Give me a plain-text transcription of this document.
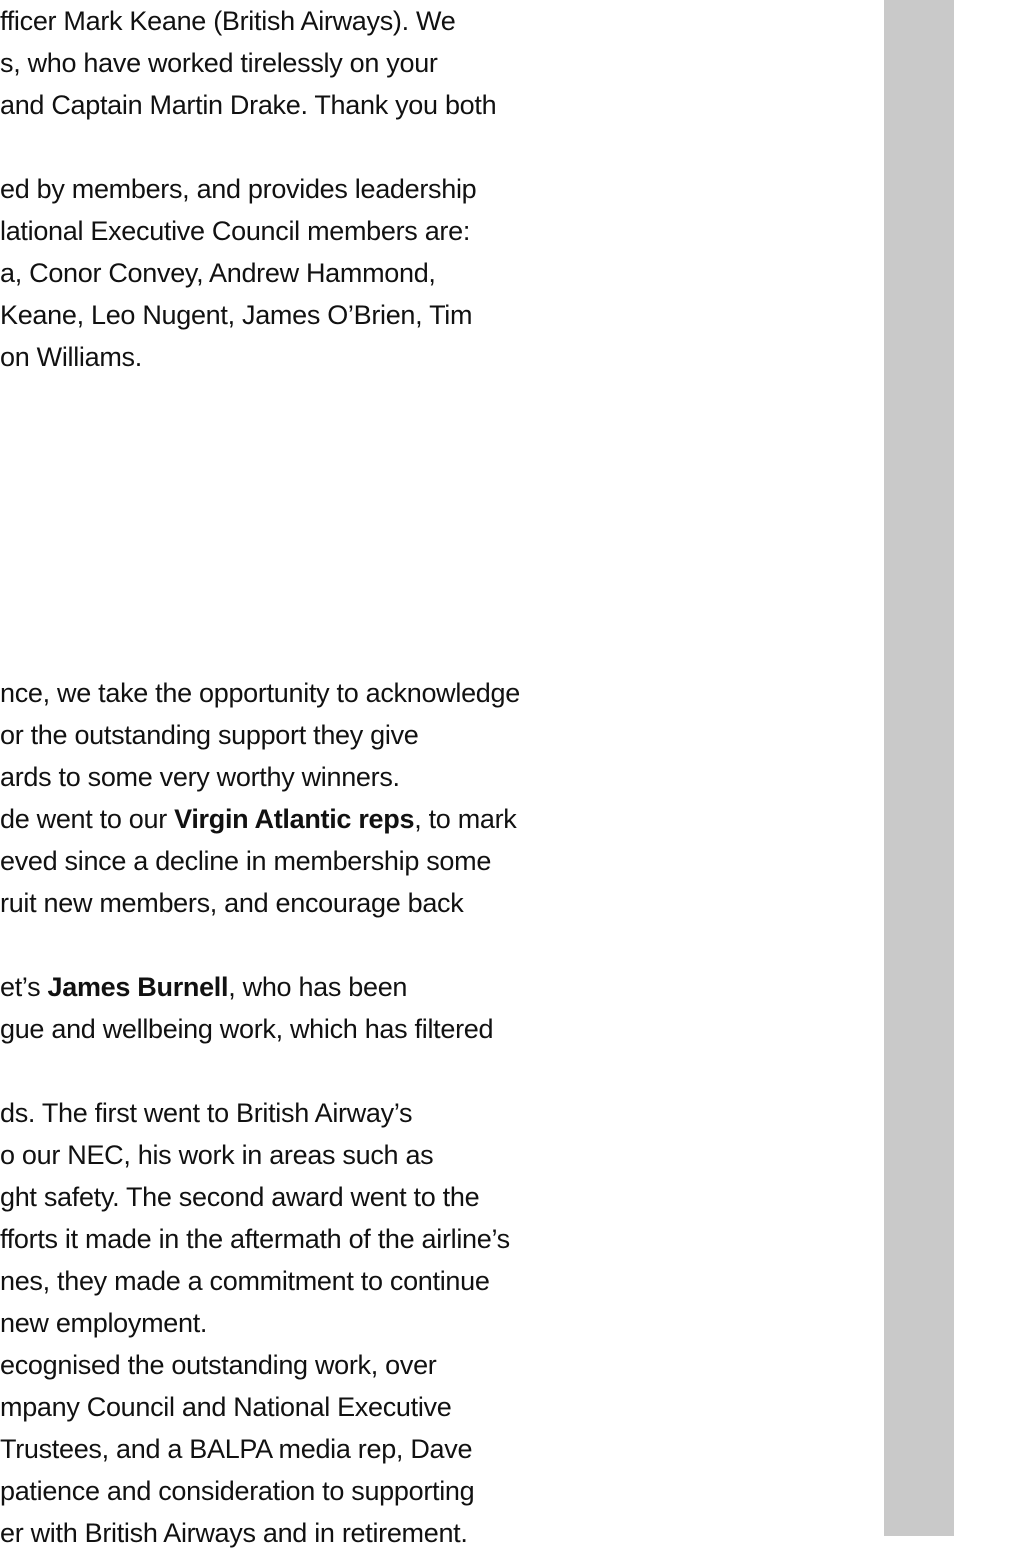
fficer Mark Keane (British Airways). We
s, who have worked tirelessly on your
and Captain Martin Drake. Thank you both
ed by members, and provides leadership
lational Executive Council members are:
a, Conor Convey, Andrew Hammond,
Keane, Leo Nugent, James O’Brien, Tim
on Williams.
nce, we take the opportunity to acknowledge
or the outstanding support they give
ards to some very worthy winners.
de went to our Virgin Atlantic reps, to mark
eved since a decline in membership some
ruit new members, and encourage back
et’s James Burnell, who has been
gue and wellbeing work, which has filtered
ds. The first went to British Airway’s
o our NEC, his work in areas such as
ght safety. The second award went to the
fforts it made in the aftermath of the airline’s
nes, they made a commitment to continue
new employment.
ecognised the outstanding work, over
mpany Council and National Executive
Trustees, and a BALPA media rep, Dave
patience and consideration to supporting
er with British Airways and in retirement.
